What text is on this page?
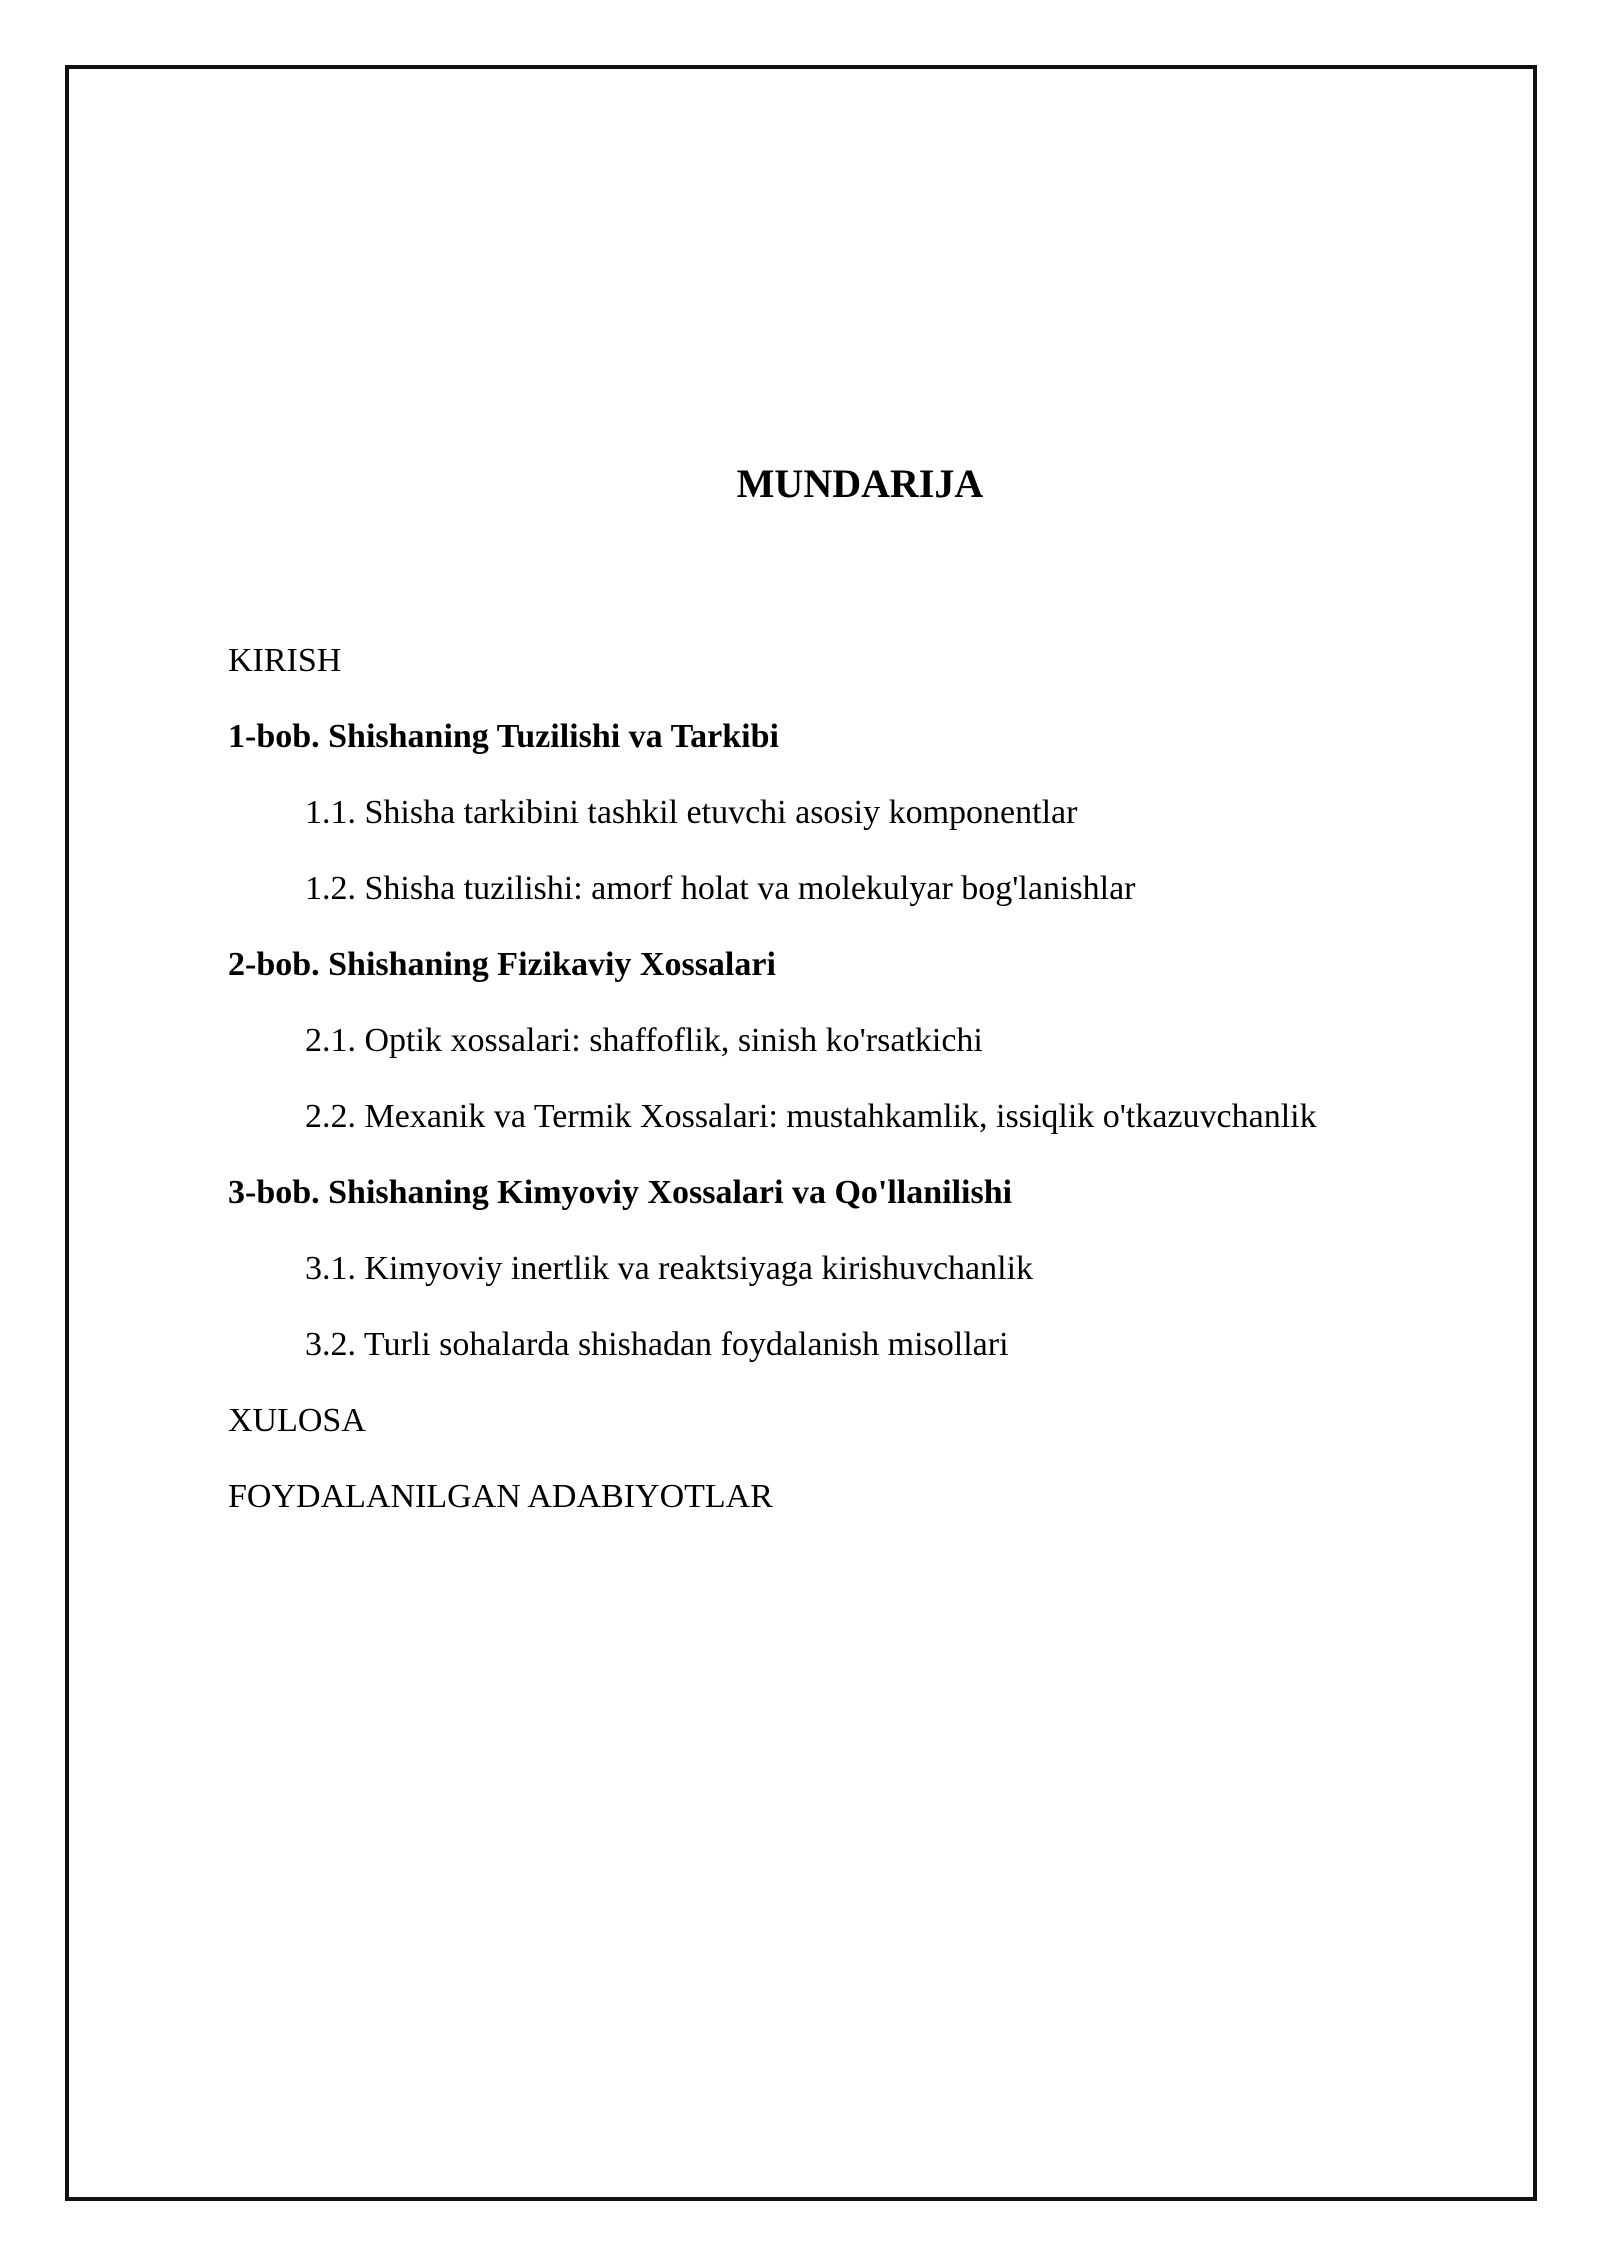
MUNDARIJA
KIRISH
1-bob. Shishaning Tuzilishi va Tarkibi
1.1. Shisha tarkibini tashkil etuvchi asosiy komponentlar
1.2. Shisha tuzilishi: amorf holat va molekulyar bog'lanishlar
2-bob. Shishaning Fizikaviy Xossalari
2.1. Optik xossalari: shaffoflik, sinish ko'rsatkichi
2.2. Mexanik va Termik Xossalari: mustahkamlik, issiqlik o'tkazuvchanlik
3-bob. Shishaning Kimyoviy Xossalari va Qo'llanilishi
3.1. Kimyoviy inertlik va reaktsiyaga kirishuvchanlik
3.2. Turli sohalarda shishadan foydalanish misollari
XULOSA
FOYDALANILGAN ADABIYOTLAR
